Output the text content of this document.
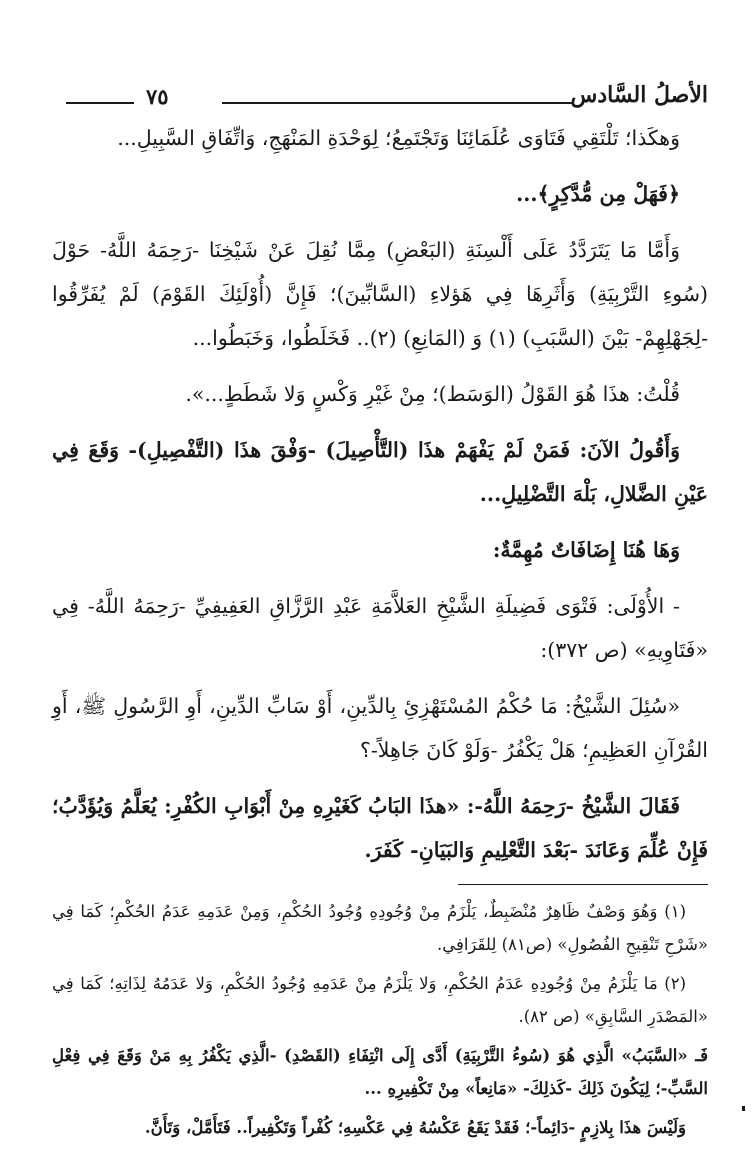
الأصلُ السَّادس
٧٥

وَهكَذا؛ تَلْتَقِي فَتَاوَى عُلَمَائِنَا وَتَجْتَمِعُ؛ لِوَحْدَةِ المَنْهَجِ، وَاتِّفَاقِ السَّبِيلِ...

﴿فَهَلْ مِن مُّدَّكِرٍ﴾...

وَأَمَّا مَا يَتَرَدَّدُ عَلَى أَلْسِنَةِ (البَعْضِ) مِمَّا نُقِلَ عَنْ شَيْخِنَا -رَحِمَهُ اللَّهُ- حَوْلَ (سُوءِ التَّرْبِيَةِ) وَأَثَرِهَا فِي هَؤلاءِ (السَّابِّينَ)؛ فَإِنَّ (أُوْلَئِكَ القَوْمَ) لَمْ يُفَرِّقُوا -لِجَهْلِهِمْ- بَيْنَ (السَّبَبِ) (١) وَ (المَانِعِ) (٢).. فَخَلَطُوا، وَخَبَطُوا...

قُلْتُ: هذَا هُوَ القَوْلُ (الوَسَط)؛ مِنْ غَيْرِ وَكْسٍ وَلا شَطَطٍ...».

وَأَقُولُ الآنَ: فَمَنْ لَمْ يَفْهَمْ هذَا (التَّأْصِيلَ) -وَفْقَ هذَا (التَّفْصِيلِ)- وَقَعَ فِي عَيْنِ الضَّلالِ، بَلْهَ التَّضْلِيلِ...

وَهَا هُنَا إِضَافَاتٌ مُهِمَّةٌ:

- الأُوْلَى: فَتْوَى فَضِيلَةِ الشَّيْخِ العَلاَّمَةِ عَبْدِ الرَّزَّاقِ العَفِيفِيِّ -رَحِمَهُ اللَّهُ- فِي «فَتَاوِيهِ» (ص ٣٧٢):

«سُئِلَ الشَّيْخُ: مَا حُكْمُ المُسْتَهْزِئِ بِالدِّينِ، أَوْ سَابِّ الدِّينِ، أَوِ الرَّسُولِ ﷺ، أَوِ القُرْآنِ العَظِيمِ؛ هَلْ يَكْفُرُ -وَلَوْ كَانَ جَاهِلاً-؟

فَقَالَ الشَّيْخُ -رَحِمَهُ اللَّهُ-: «هذَا البَابُ كَغَيْرِهِ مِنْ أَبْوَابِ الكُفْرِ: يُعَلَّمُ وَيُؤَدَّبُ؛ فَإِنْ عُلِّمَ وَعَانَدَ -بَعْدَ التَّعْلِيمِ وَالبَيَانِ- كَفَرَ.

(١) وَهُوَ وَصْفٌ ظَاهِرٌ مُنْضَبِطٌ، يَلْزَمُ مِنْ وُجُودِهِ وُجُودُ الحُكْمِ، وَمِنْ عَدَمِهِ عَدَمُ الحُكْمِ؛ كَمَا فِي «شَرْحِ تَنْقِيحِ الفُصُولِ» (ص٨١) لِلقَرَافِي.

(٢) مَا يَلْزَمُ مِنْ وُجُودِهِ عَدَمُ الحُكْمِ، وَلا يَلْزَمُ مِنْ عَدَمِهِ وُجُودُ الحُكْمِ، وَلا عَدَمُهُ لِذَاتِهِ؛ كَمَا فِي «المَصْدَرِ السَّابِقِ» (ص ٨٢).

فَـ «السَّبَبُ» الَّذِي هُوَ (سُوءُ التَّرْبِيَةِ) أَدَّى إِلَى انْتِفَاءِ (القَصْدِ) -الَّذِي يَكْفُرُ بِهِ مَنْ وَقَعَ فِي فِعْلِ السَّبِّ-؛ لِيَكُونَ ذَلِكَ -كَذلِكَ- «مَانِعاً» مِنْ تَكْفِيرِهِ ...

وَلَيْسَ هذَا بِلازِمٍ -دَائِماً-؛ فَقَدْ يَقَعُ عَكْسُهُ فِي عَكْسِهِ؛ كُفْراً وَتَكْفِيراً.. فَتَأَمَّلْ، وَتَأَنَّ.
